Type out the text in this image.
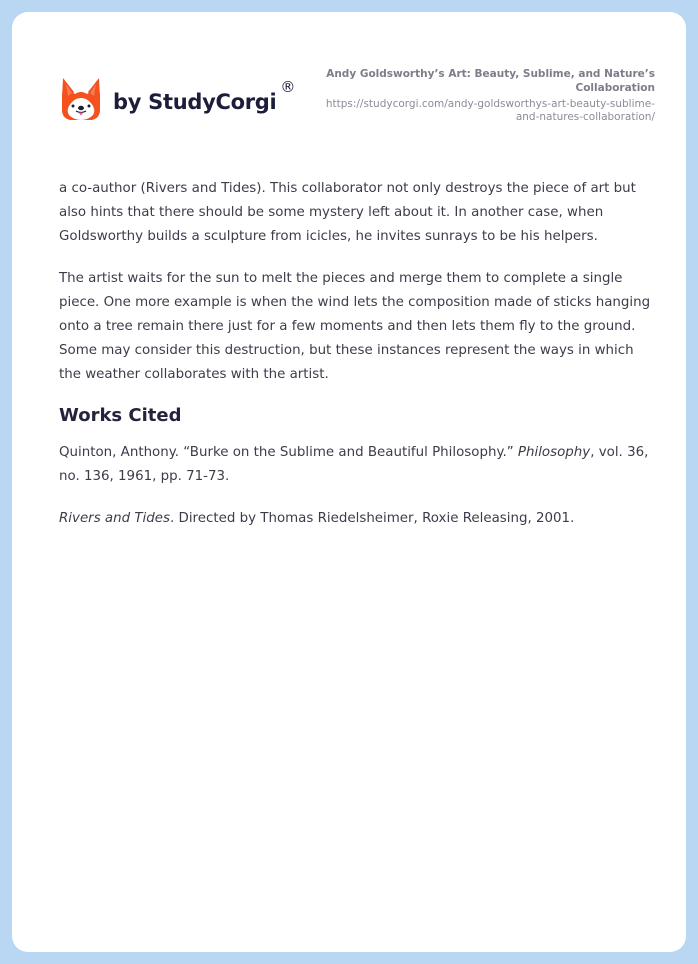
by StudyCorgi
®
Andy Goldsworthy’s Art: Beauty, Sublime, and Nature’s Collaboration
https://studycorgi.com/andy-goldsworthys-art-beauty-sublime-and-natures-collaboration/

a co-author (Rivers and Tides). This collaborator not only destroys the piece of art but also hints that there should be some mystery left about it. In another case, when Goldsworthy builds a sculpture from icicles, he invites sunrays to be his helpers.

The artist waits for the sun to melt the pieces and merge them to complete a single piece. One more example is when the wind lets the composition made of sticks hanging onto a tree remain there just for a few moments and then lets them fly to the ground. Some may consider this destruction, but these instances represent the ways in which the weather collaborates with the artist.

Works Cited

Quinton, Anthony. “Burke on the Sublime and Beautiful Philosophy.” Philosophy, vol. 36, no. 136, 1961, pp. 71-73.

Rivers and Tides. Directed by Thomas Riedelsheimer, Roxie Releasing, 2001.
